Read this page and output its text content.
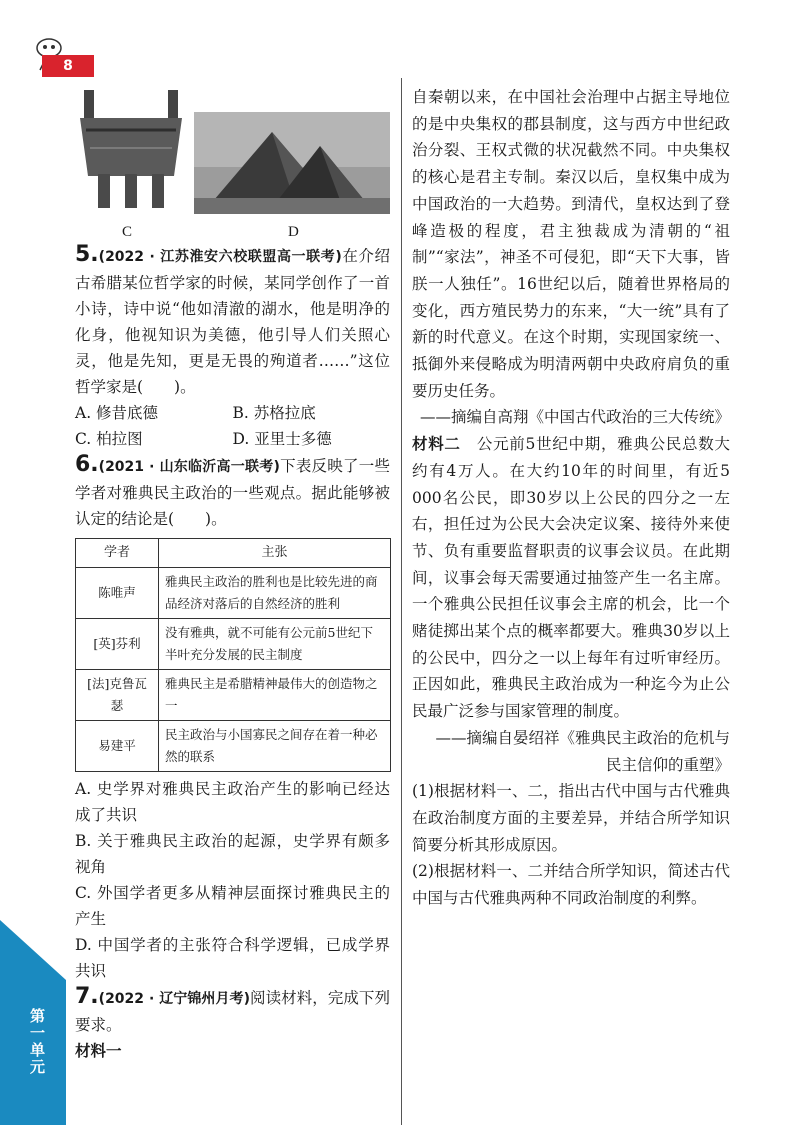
8
C	D

5.(2022 · 江苏淮安六校联盟高一联考)在介绍古希腊某位哲学家的时候，某同学创作了一首小诗，诗中说“他如清澈的湖水，他是明净的化身，他视知识为美德，他引导人们关照心灵，他是先知，更是无畏的殉道者……”这位哲学家是(　　)。

A. 修昔底德	B. 苏格拉底
C. 柏拉图	D. 亚里士多德

6.(2021 · 山东临沂高一联考)下表反映了一些学者对雅典民主政治的一些观点。据此能够被认定的结论是(　　)。

学者	主张
陈唯声	雅典民主政治的胜利也是比较先进的商品经济对落后的自然经济的胜利
[英]芬利	没有雅典，就不可能有公元前5世纪下半叶充分发展的民主制度
[法]克鲁瓦瑟	雅典民主是希腊精神最伟大的创造物之一
易建平	民主政治与小国寡民之间存在着一种必然的联系

A. 史学界对雅典民主政治产生的影响已经达成了共识

B. 关于雅典民主政治的起源，史学界有颇多视角

C. 外国学者更多从精神层面探讨雅典民主的产生

D. 中国学者的主张符合科学逻辑，已成学界共识

7.(2022 · 辽宁锦州月考)阅读材料，完成下列要求。

材料一

自秦朝以来，在中国社会治理中占据主导地位的是中央集权的郡县制度，这与西方中世纪政治分裂、王权式微的状况截然不同。中央集权的核心是君主专制。秦汉以后，皇权集中成为中国政治的一大趋势。到清代，皇权达到了登峰造极的程度，君主独裁成为清朝的“祖制”“家法”，神圣不可侵犯，即“天下大事，皆朕一人独任”。16世纪以后，随着世界格局的变化，西方殖民势力的东来，“大一统”具有了新的时代意义。在这个时期，实现国家统一、抵御外来侵略成为明清两朝中央政府肩负的重要历史任务。

——摘编自高翔《中国古代政治的三大传统》

材料二　 公元前5世纪中期，雅典公民总数大约有4万人。在大约10年的时间里，有近5 000名公民，即30岁以上公民的四分之一左右，担任过为公民大会决定议案、接待外来使节、负有重要监督职责的议事会议员。在此期间，议事会每天需要通过抽签产生一名主席。一个雅典公民担任议事会主席的机会，比一个赌徒掷出某个点的概率都要大。雅典30岁以上的公民中，四分之一以上每年有过听审经历。正因如此，雅典民主政治成为一种迄今为止公民最广泛参与国家管理的制度。

——摘编自晏绍祥《雅典民主政治的危机与

民主信仰的重塑》

(1)根据材料一、二，指出古代中国与古代雅典在政治制度方面的主要差异，并结合所学知识简要分析其形成原因。

(2)根据材料一、二并结合所学知识，简述古代中国与古代雅典两种不同政治制度的利弊。

第一单元
